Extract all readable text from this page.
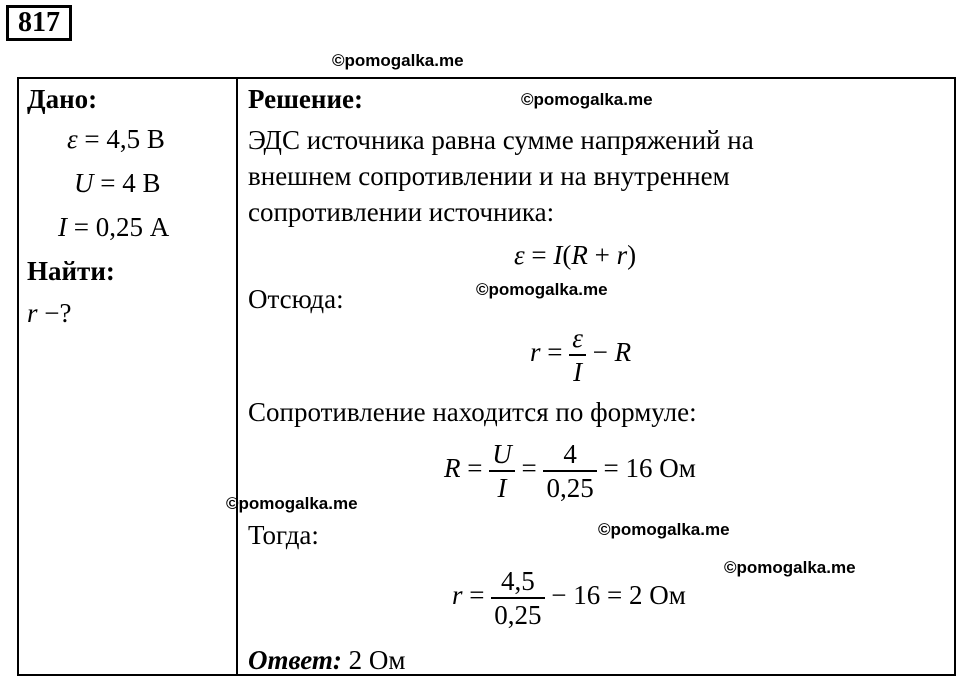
817
©pomogalka.me
©pomogalka.me
©pomogalka.me
©pomogalka.me
©pomogalka.me
©pomogalka.me
Дано:
ε = 4,5 В
U = 4 В
I = 0,25 А
Найти:
r −?
Решение:
ЭДС источника равна сумме напряжений на
внешнем сопротивлении и на внутреннем
сопротивлении источника:
ε = I(R + r)
Отсюда:
$r = \frac{\varepsilon}{I} - R$
Сопротивление находится по формуле:
$R = \frac{U}{I} = \frac{4}{0,25} = 16$ Ом
Тогда:
$r = \frac{4,5}{0,25} - 16 = 2$ Ом
Ответ: 2 Ом
